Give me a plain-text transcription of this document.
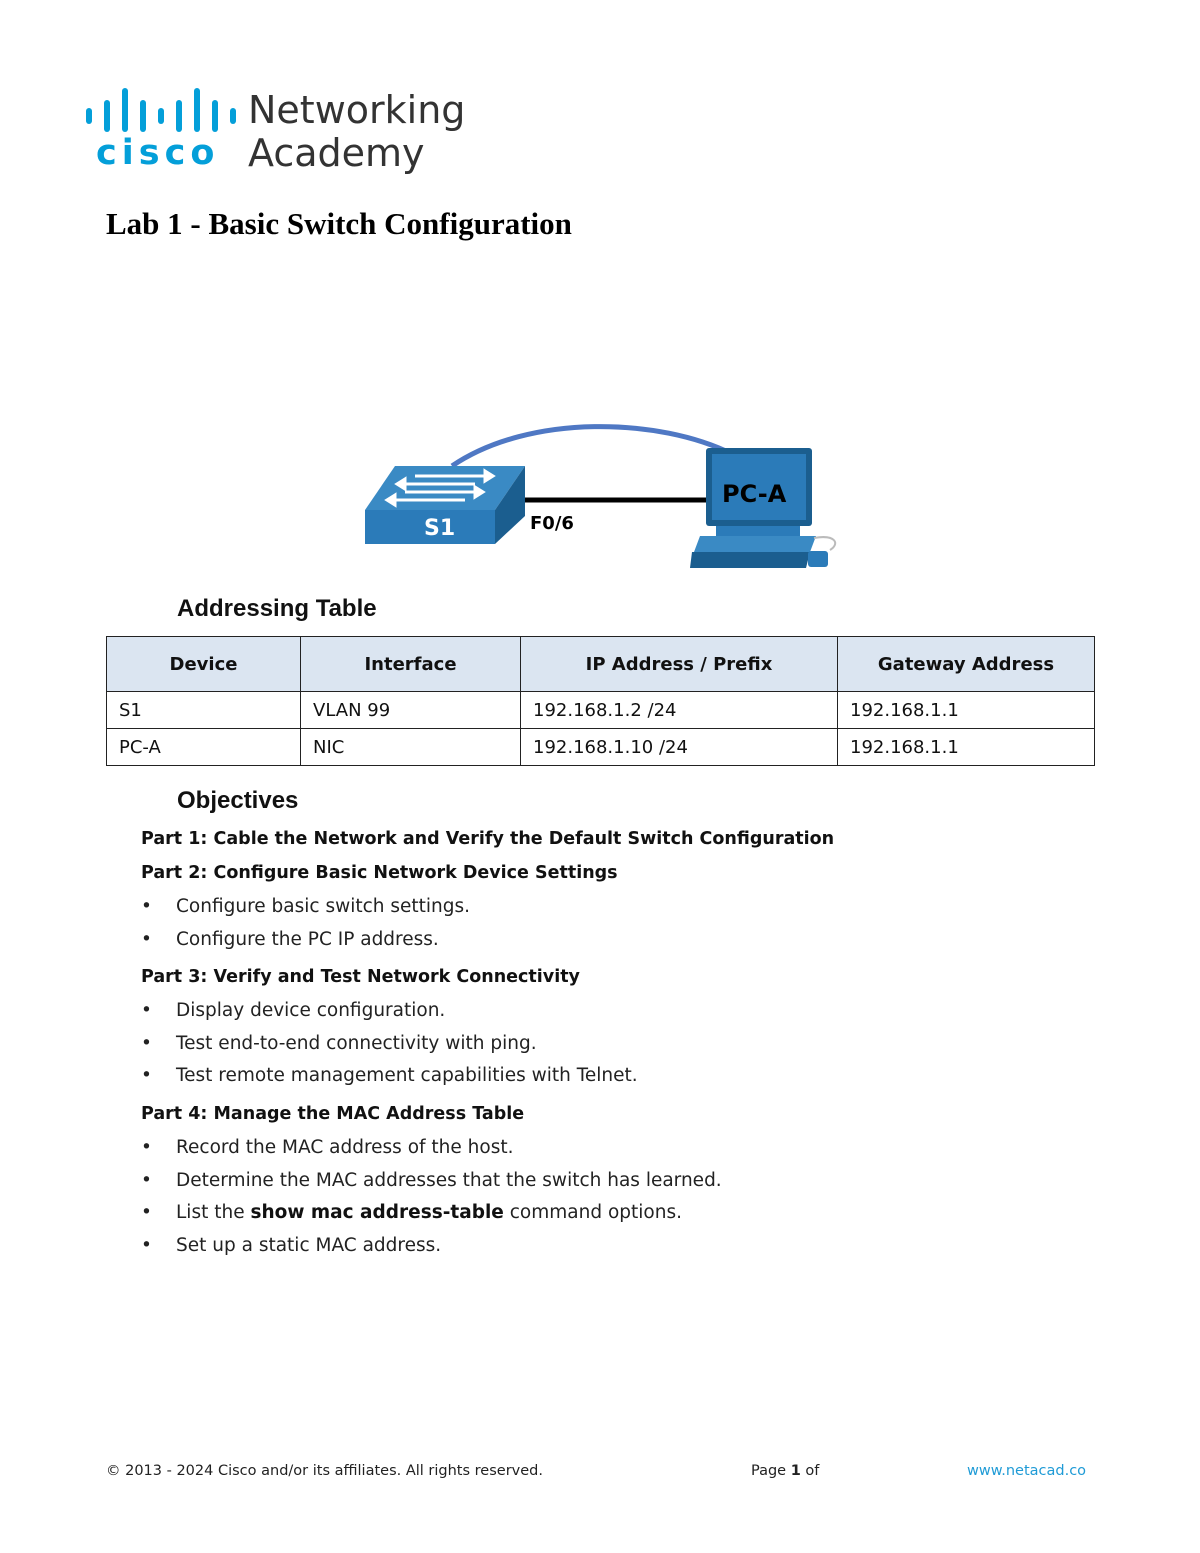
cisco
Networking
Academy
Lab 1 - Basic Switch Configuration
S1	F0/6
PC-A
Addressing Table
Device	Interface	IP Address / Prefix	Gateway Address
S1	VLAN 99	192.168.1.2 /24	192.168.1.1
PC-A	NIC	192.168.1.10 /24	192.168.1.1
Objectives

Part 1: Cable the Network and Verify the Default Switch Configuration

Part 2: Configure Basic Network Device Settings

• Configure basic switch settings.
• Configure the PC IP address.

Part 3: Verify and Test Network Connectivity

• Display device configuration.
• Test end-to-end connectivity with ping.
• Test remote management capabilities with Telnet.

Part 4: Manage the MAC Address Table

• Record the MAC address of the host.
• Determine the MAC addresses that the switch has learned.
• List the show mac address-table command options.
• Set up a static MAC address.
© 2013 - 2024 Cisco and/or its affiliates. All rights reserved.	Page 1 of	www.netacad.co
